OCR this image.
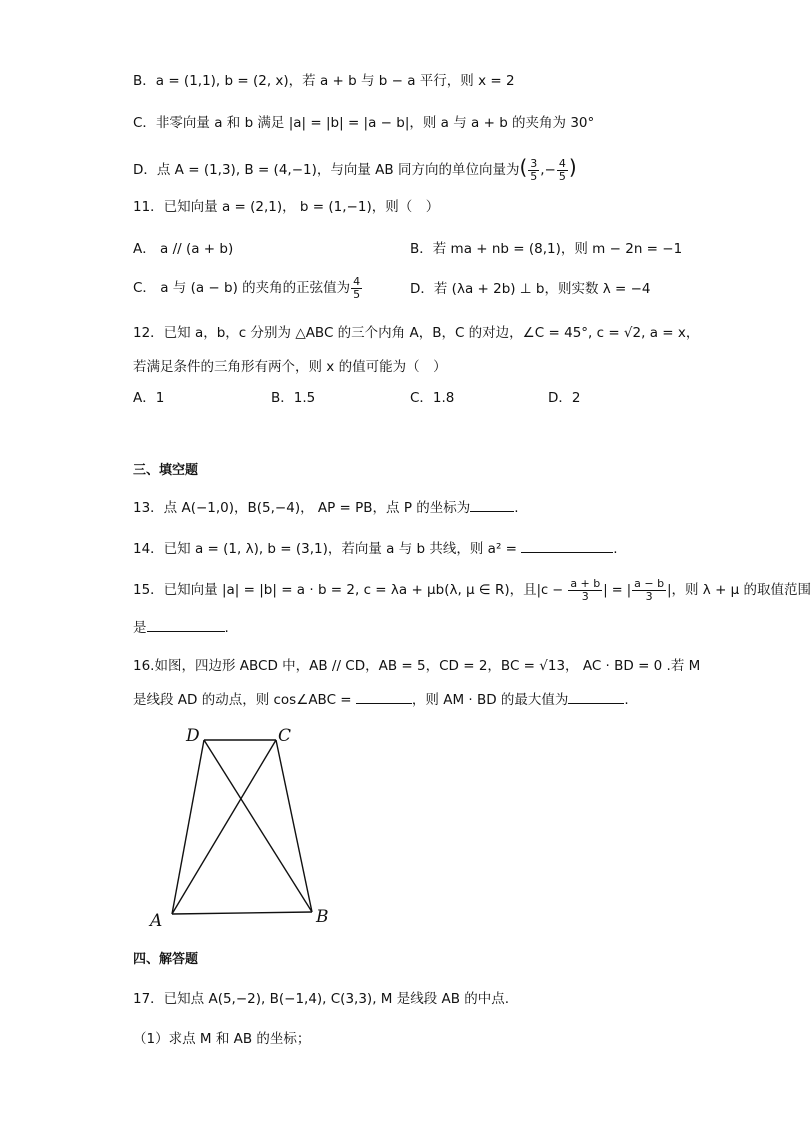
B．a = (1,1), b = (2, x)，若 a + b 与 b − a 平行，则 x = 2
C．非零向量 a 和 b 满足 |a| = |b| = |a − b|，则 a 与 a + b 的夹角为 30°
D．点 A = (1,3), B = (4,−1)，与向量 AB 同方向的单位向量为( $\frac{3}{5}$ ,− $\frac{4}{5}$ )
11．已知向量 a = (2,1)， b = (1,−1)，则（　）
A． a // (a + b)	B．若 ma + nb = (8,1)，则 m − 2n = −1
C． a 与 (a − b) 的夹角的正弦值为 $\frac{4}{5}$	D．若 (λa + 2b) ⊥ b，则实数 λ = −4
12．已知 a，b，c 分别为 △ABC 的三个内角 A，B，C 的对边，∠C = 45°, c = √2, a = x，
若满足条件的三角形有两个，则 x 的值可能为（　）
A．1	B．1.5	C．1.8	D．2
三、填空题
13．点 A(−1,0)，B(5,−4)， AP = PB，点 P 的坐标为	.
14．已知 a = (1, λ), b = (3,1)，若向量 a 与 b 共线，则 a² =	.
15．已知向量 |a| = |b| = a · b = 2, c = λa + μb(λ, μ ∈ R)，且$|c - \frac{a + b}{3}$ | = | $\frac{a - b}{3}$ |，则 λ + μ 的取值范围
是	.
16.如图，四边形 ABCD 中，AB // CD，AB = 5，CD = 2，BC = √13， AC · BD = 0 .若 M
是线段 AD 的动点，则 cos∠ABC =	，则 AM · BD 的最大值为	.
D	C
A	B
四、解答题
17．已知点 A(5,−2), B(−1,4), C(3,3), M 是线段 AB 的中点.
（1）求点 M 和 AB 的坐标；
